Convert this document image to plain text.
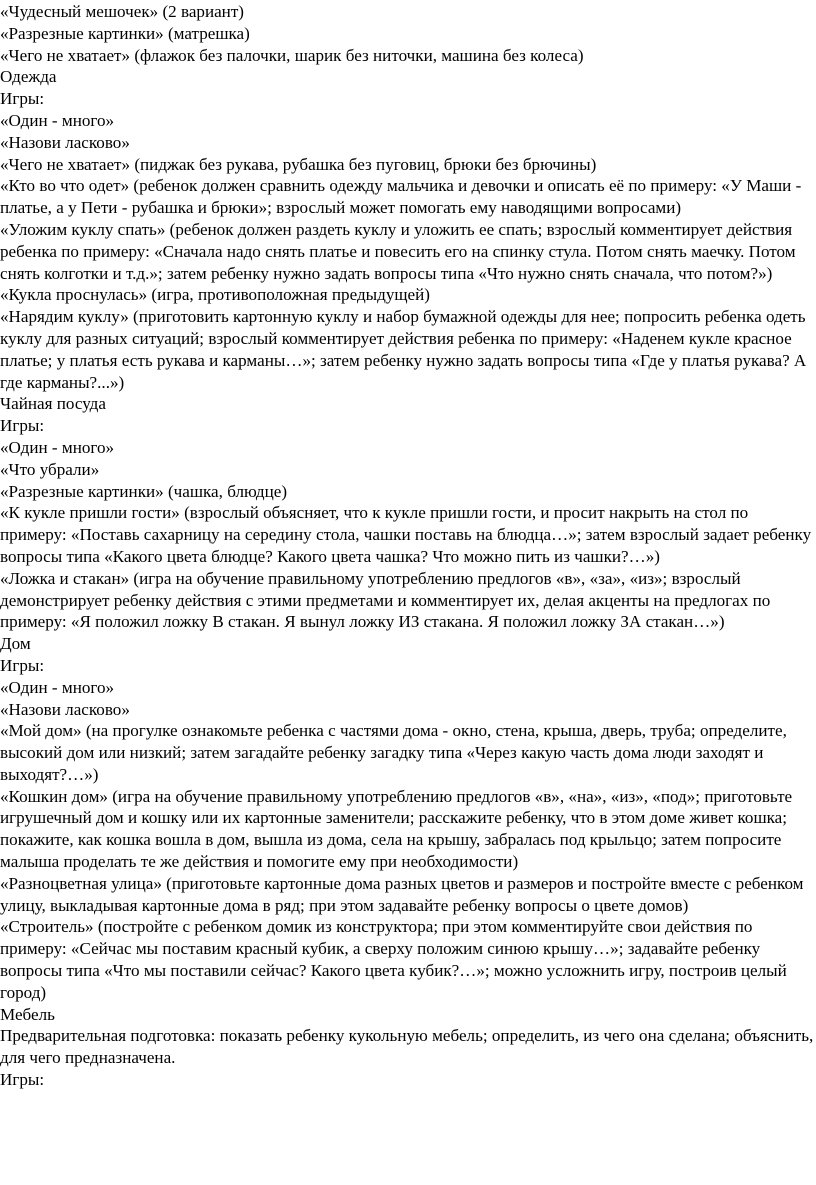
«Чудесный мешочек» (2 вариант)

«Разрезные картинки» (матрешка)

«Чего не хватает» (флажок без палочки, шарик без ниточки, машина без колеса)

Одежда

Игры:

«Один - много»

«Назови ласково»

«Чего не хватает» (пиджак без рукава, рубашка без пуговиц, брюки без брючины)

«Кто во что одет» (ребенок должен сравнить одежду мальчика и девочки и описать её по примеру: «У Маши - платье, а у Пети - рубашка и брюки»; взрослый может помогать ему наводящими вопросами)

«Уложим куклу спать» (ребенок должен раздеть куклу и уложить ее спать; взрослый комментирует действия ребенка по примеру: «Сначала надо снять платье и повесить его на спинку стула. Потом снять маечку. Потом снять колготки и т.д.»; затем ребенку нужно задать вопросы типа «Что нужно снять сначала, что потом?»)

«Кукла проснулась» (игра, противоположная предыдущей)

«Нарядим куклу» (приготовить картонную куклу и набор бумажной одежды для нее; попросить ребенка одеть куклу для разных ситуаций; взрослый комментирует действия ребенка по примеру: «Наденем кукле красное платье; у платья есть рукава и карманы…»; затем ребенку нужно задать вопросы типа «Где у платья рукава? А где карманы?...»)

Чайная посуда

Игры:

«Один - много»

«Что убрали»

«Разрезные картинки» (чашка, блюдце)

«К кукле пришли гости» (взрослый объясняет, что к кукле пришли гости, и просит накрыть на стол по примеру: «Поставь сахарницу на середину стола, чашки поставь на блюдца…»; затем взрослый задает ребенку вопросы типа «Какого цвета блюдце? Какого цвета чашка? Что можно пить из чашки?…»)

«Ложка и стакан» (игра на обучение правильному употреблению предлогов «в», «за», «из»; взрослый демонстрирует ребенку действия с этими предметами и комментирует их, делая акценты на предлогах по примеру: «Я положил ложку В стакан. Я вынул ложку ИЗ стакана. Я положил ложку ЗА стакан…»)

Дом

Игры:

«Один - много»

«Назови ласково»

«Мой дом» (на прогулке ознакомьте ребенка с частями дома - окно, стена, крыша, дверь, труба; определите, высокий дом или низкий; затем загадайте ребенку загадку типа «Через какую часть дома люди заходят и выходят?…»)

«Кошкин дом» (игра на обучение правильному употреблению предлогов «в», «на», «из», «под»; приготовьте игрушечный дом и кошку или их картонные заменители; расскажите ребенку, что в этом доме живет кошка; покажите, как кошка вошла в дом, вышла из дома, села на крышу, забралась под крыльцо; затем попросите малыша проделать те же действия и помогите ему при необходимости)

«Разноцветная улица» (приготовьте картонные дома разных цветов и размеров и постройте вместе с ребенком улицу, выкладывая картонные дома в ряд; при этом задавайте ребенку вопросы о цвете домов)

«Строитель» (постройте с ребенком домик из конструктора; при этом комментируйте свои действия по примеру: «Сейчас мы поставим красный кубик, а сверху положим синюю крышу…»; задавайте ребенку вопросы типа «Что мы поставили сейчас? Какого цвета кубик?…»; можно усложнить игру, построив целый город)

Мебель

Предварительная подготовка: показать ребенку кукольную мебель; определить, из чего она сделана; объяснить, для чего предназначена.

Игры:
